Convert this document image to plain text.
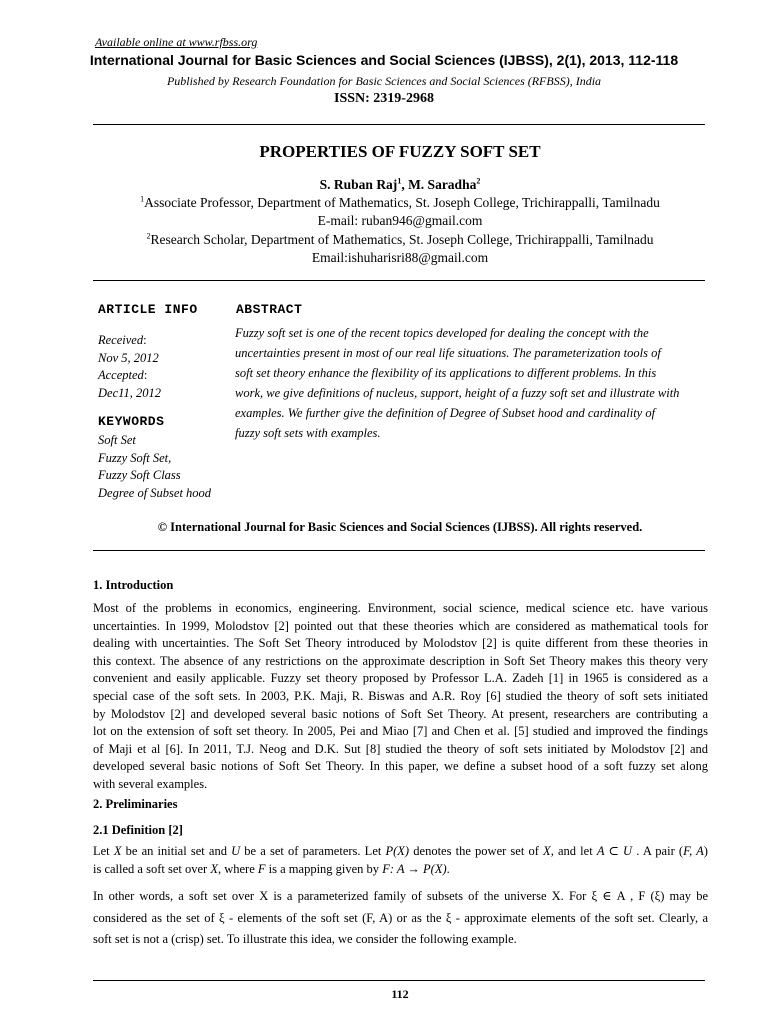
Available online at www.rfbss.org
International Journal for Basic Sciences and Social Sciences (IJBSS), 2(1), 2013, 112-118
Published by Research Foundation for Basic Sciences and Social Sciences (RFBSS), India
ISSN: 2319-2968
PROPERTIES OF FUZZY SOFT SET
S. Ruban Raj$^1$, M. Saradha$^2$
$^1$Associate Professor, Department of Mathematics, St. Joseph College, Trichirappalli, Tamilnadu
E-mail: ruban946@gmail.com
$^2$Research Scholar, Department of Mathematics, St. Joseph College, Trichirappalli, Tamilnadu
Email:ishuharisri88@gmail.com
ARTICLE INFO
Received:
Nov 5, 2012
Accepted:
Dec11, 2012
KEYWORDS
Soft Set
Fuzzy Soft Set,
Fuzzy Soft Class
Degree of Subset hood
ABSTRACT
Fuzzy soft set is one of the recent topics developed for dealing the concept with the
uncertainties present in most of our real life situations. The parameterization tools of
soft set theory enhance the flexibility of its applications to different problems. In this
work, we give definitions of nucleus, support, height of a fuzzy soft set and illustrate with
examples. We further give the definition of Degree of Subset hood and cardinality of
fuzzy soft sets with examples.
© International Journal for Basic Sciences and Social Sciences (IJBSS). All rights reserved.
1. Introduction
Most of the problems in economics, engineering. Environment, social science, medical science etc. have various
uncertainties. In 1999, Molodstov [2] pointed out that these theories which are considered as mathematical tools for
dealing with uncertainties. The Soft Set Theory introduced by Molodstov [2] is quite different from these theories in
this context. The absence of any restrictions on the approximate description in Soft Set Theory makes this theory very
convenient and easily applicable. Fuzzy set theory proposed by Professor L.A. Zadeh [1] in 1965 is considered as a
special case of the soft sets. In 2003, P.K. Maji, R. Biswas and A.R. Roy [6] studied the theory of soft sets initiated
by Molodstov [2] and developed several basic notions of Soft Set Theory. At present, researchers are contributing a
lot on the extension of soft set theory. In 2005, Pei and Miao [7] and Chen et al. [5] studied and improved the findings
of Maji et al [6]. In 2011, T.J. Neog and D.K. Sut [8] studied the theory of soft sets initiated by Molodstov [2] and
developed several basic notions of Soft Set Theory. In this paper, we define a subset hood of a soft fuzzy set along
with several examples.
2. Preliminaries
2.1 Definition [2]
Let X be an initial set and U be a set of parameters. Let P(X) denotes the power set of X, and let A ⊂ U . A pair (F, A)
is called a soft set over X, where F is a mapping given by F: A → P(X).
In other words, a soft set over X is a parameterized family of subsets of the universe X. For ξ ∈ A , F (ξ) may be
considered as the set of ξ - elements of the soft set (F, A) or as the ξ - approximate elements of the soft set. Clearly, a
soft set is not a (crisp) set. To illustrate this idea, we consider the following example.
112
